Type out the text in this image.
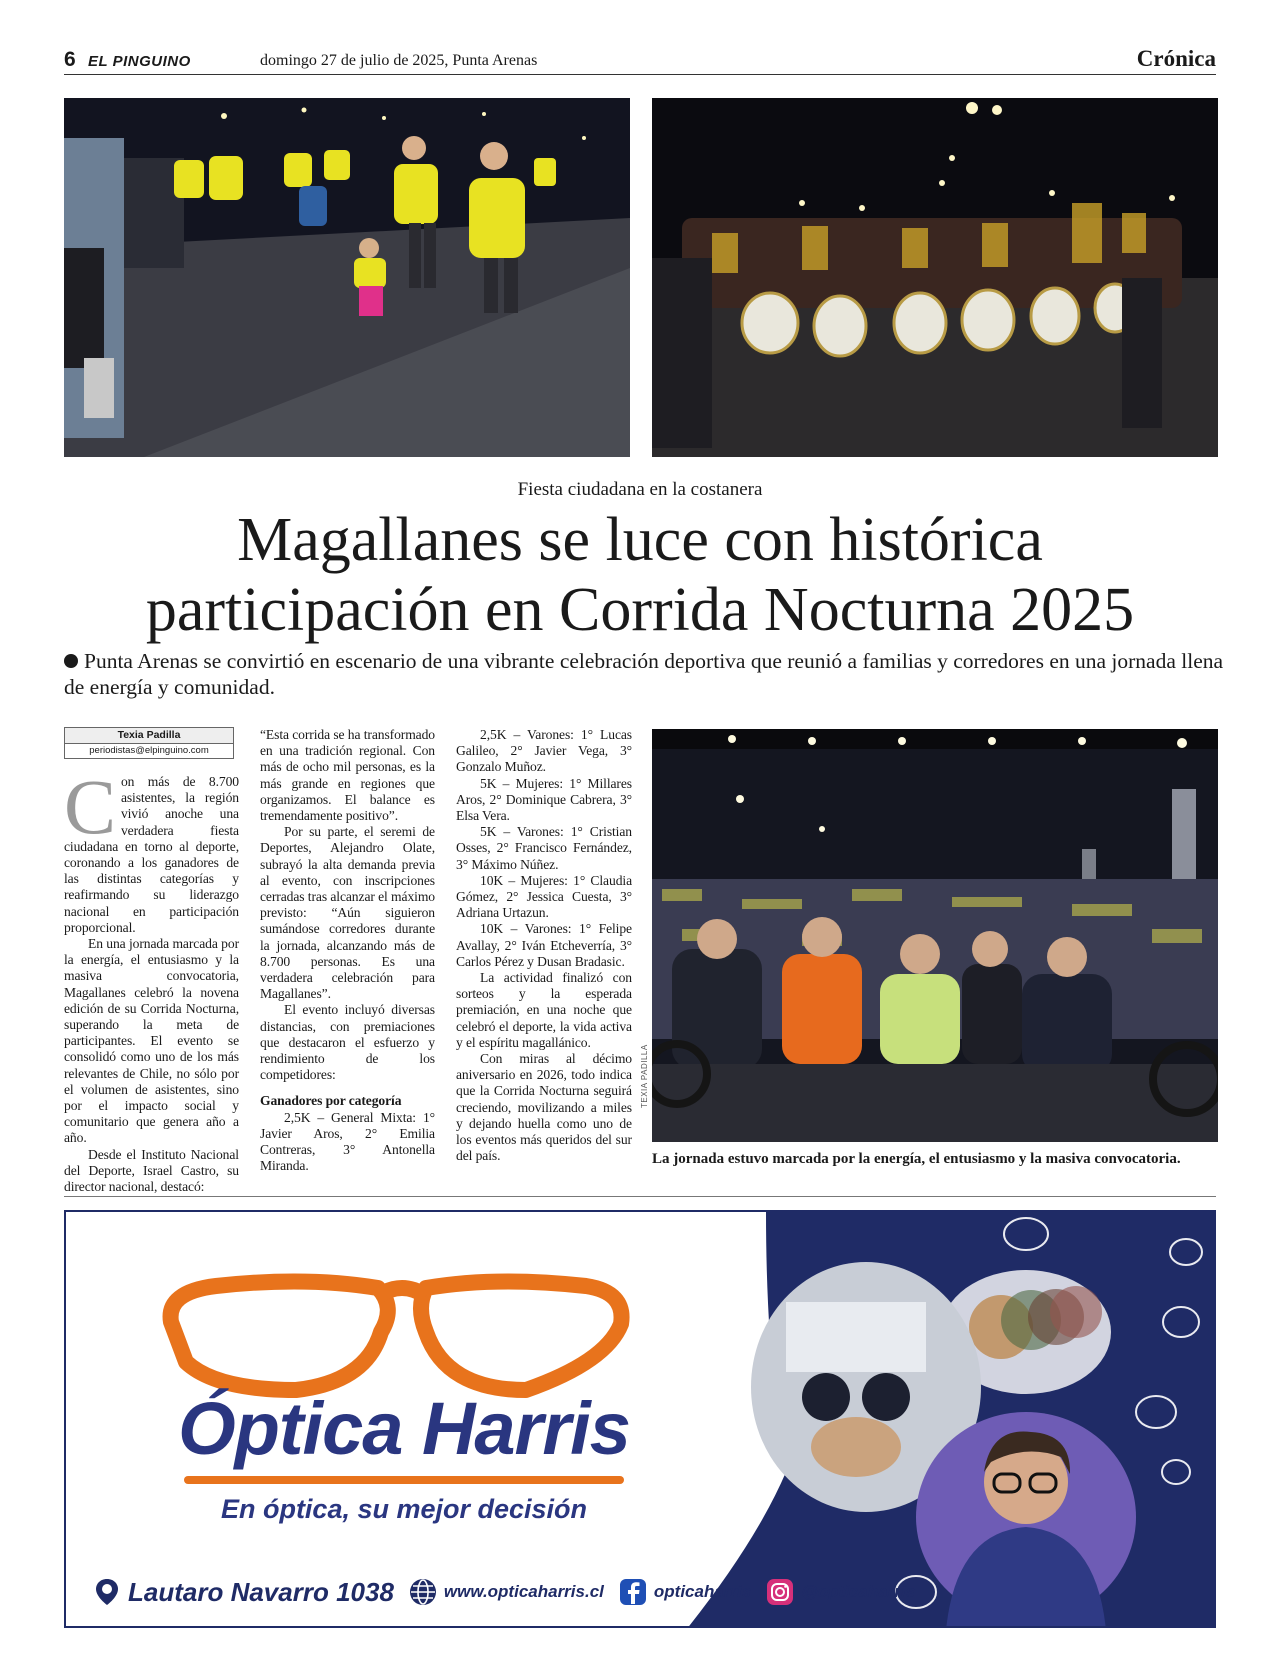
6 EL PINGUINO	domingo 27 de julio de 2025, Punta Arenas	Crónica
Fiesta ciudadana en la costanera
Magallanes se luce con histórica
participación en Corrida Nocturna 2025
Punta Arenas se convirtió en escenario de una vibrante celebración deportiva que reunió a familias y corredores en una jornada llena de energía y comunidad.
Texia Padilla
periodistas@elpinguino.com

Con más de 8.700 asistentes, la región vivió anoche una verdadera fiesta ciudadana en torno al deporte, coronando a los ganadores de las distintas categorías y reafirmando su liderazgo nacional en participación proporcional.

En una jornada marcada por la energía, el entusiasmo y la masiva convocatoria, Magallanes celebró la novena edición de su Corrida Nocturna, superando la meta de participantes. El evento se consolidó como uno de los más relevantes de Chile, no sólo por el volumen de asistentes, sino por el impacto social y comunitario que genera año a año.

Desde el Instituto Nacional del Deporte, Israel Castro, su director nacional, destacó:

“Esta corrida se ha transformado en una tradición regional. Con más de ocho mil personas, es la más grande en regiones que organizamos. El balance es tremendamente positivo”.

Por su parte, el seremi de Deportes, Alejandro Olate, subrayó la alta demanda previa al evento, con inscripciones cerradas tras alcanzar el máximo previsto: “Aún siguieron sumándose corredores durante la jornada, alcanzando más de 8.700 personas. Es una verdadera celebración para Magallanes”.

El evento incluyó diversas distancias, con premiaciones que destacaron el esfuerzo y rendimiento de los competidores:

Ganadores por categoría

2,5K – General Mixta: 1° Javier Aros, 2° Emilia Contreras, 3° Antonella Miranda.

2,5K – Varones: 1° Lucas Galileo, 2° Javier Vega, 3° Gonzalo Muñoz.

5K – Mujeres: 1° Millares Aros, 2° Dominique Cabrera, 3° Elsa Vera.

5K – Varones: 1° Cristian Osses, 2° Francisco Fernández, 3° Máximo Núñez.

10K – Mujeres: 1° Claudia Gómez, 2° Jessica Cuesta, 3° Adriana Urtazun.

10K – Varones: 1° Felipe Avallay, 2° Iván Etcheverría, 3° Carlos Pérez y Dusan Bradasic.

La actividad finalizó con sorteos y la esperada premiación, en una noche que celebró el deporte, la vida activa y el espíritu magallánico.

Con miras al décimo aniversario en 2026, todo indica que la Corrida Nocturna seguirá creciendo, movilizando a miles y dejando huella como uno de los eventos más queridos del sur del país.

TEXIA PADILLA
La jornada estuvo marcada por la energía, el entusiasmo y la masiva convocatoria.
Óptica Harris
En óptica, su mejor decisión
Lautaro Navarro 1038	www.opticaharris.cl	opticaharris	@opticaharris
